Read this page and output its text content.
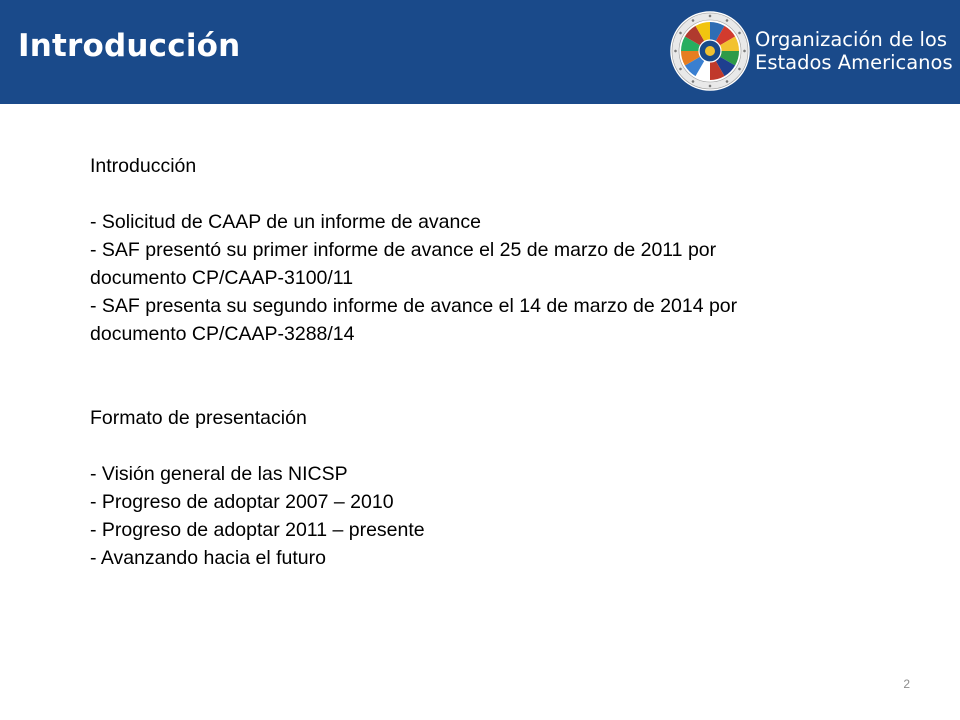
Introducción	Organización de los
Estados Americanos

Introducción

- Solicitud de CAAP de un informe de avance

- SAF presentó su primer informe de avance el 25 de marzo de 2011 por documento CP/CAAP-3100/11

- SAF presenta su segundo informe de avance el 14 de marzo de 2014 por documento CP/CAAP-3288/14

Formato de presentación

- Visión general de las NICSP

- Progreso de adoptar 2007 – 2010

- Progreso de adoptar 2011 – presente

- Avanzando hacia el futuro

2
